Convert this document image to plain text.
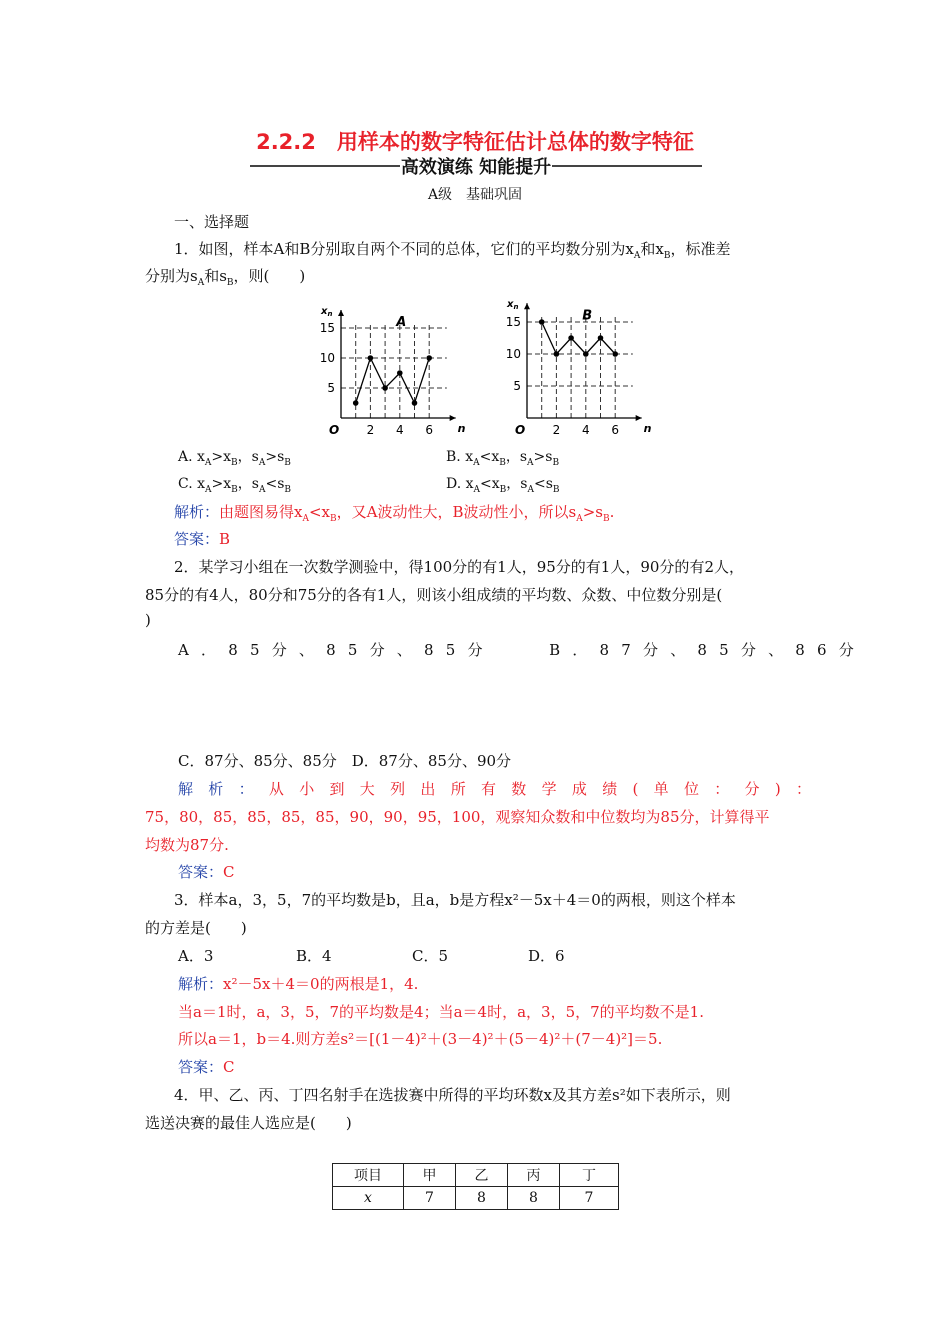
2.2.2　用样本的数字特征估计总体的数字特征
高效演练 知能提升
A级　基础巩固
一、选择题
1．如图，样本A和B分别取自两个不同的总体，它们的平均数分别为$x_A$和$x_B$，标准差
分别为$s_A$和$s_B$，则(　　)
5
10
15
2 4 6
O	n
$x_n$
A
5
10
15
2 4 6
O	n
$x_n$
B
A. $x_A>x_B$，$s_A>s_B$	B. $x_A<x_B$，$s_A>s_B$
C. $x_A>x_B$，$s_A<s_B$	D. $x_A<x_B$，$s_A<s_B$
解析：由题图易得$x_A<x_B$，又A波动性大，B波动性小，所以$s_A>s_B$.
答案：B
2．某学习小组在一次数学测验中，得100分的有1人，95分的有1人，90分的有2人，
85分的有4人，80分和75分的各有1人，则该小组成绩的平均数、众数、中位数分别是(
)
A．85分、85分、85分　　B．87分、85分、86分
C．87分、85分、85分　D．87分、85分、90分
解析：从小到大列出所有数学成绩(单位：分)：
75，80，85，85，85，85，90，90，95，100，观察知众数和中位数均为85分，计算得平
均数为87分.
答案：C
3．样本a，3，5，7的平均数是b，且a，b是方程x²－5x＋4＝0的两根，则这个样本
的方差是(　　)
A．3	B．4	C．5	D．6
解析：x²－5x＋4＝0的两根是1，4.
当a＝1时，a，3，5，7的平均数是4；当a＝4时，a，3，5，7的平均数不是1.
所以a＝1，b＝4.则方差s²＝[(1－4)²＋(3－4)²＋(5－4)²＋(7－4)²]＝5.
答案：C
4．甲、乙、丙、丁四名射手在选拔赛中所得的平均环数x及其方差s²如下表所示，则
选送决赛的最佳人选应是(　　)
项目	甲	乙	丙	丁
x	7	8	8	7
